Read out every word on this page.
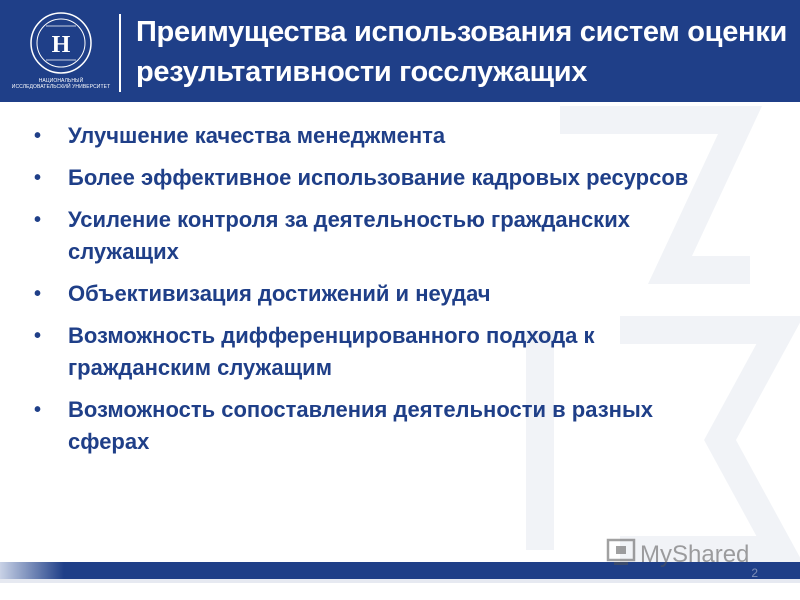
Н
НАЦИОНАЛЬНЫЙ ИССЛЕДОВАТЕЛЬСКИЙ УНИВЕРСИТЕТ
Преимущества использования систем оценки результативности госслужащих
• Улучшение качества менеджмента
• Более эффективное использование кадровых ресурсов
• Усиление контроля за деятельностью гражданских служащих
• Объективизация достижений и неудач
• Возможность дифференцированного подхода к гражданским служащим
• Возможность сопоставления деятельности в разных сферах
MyShared
2
